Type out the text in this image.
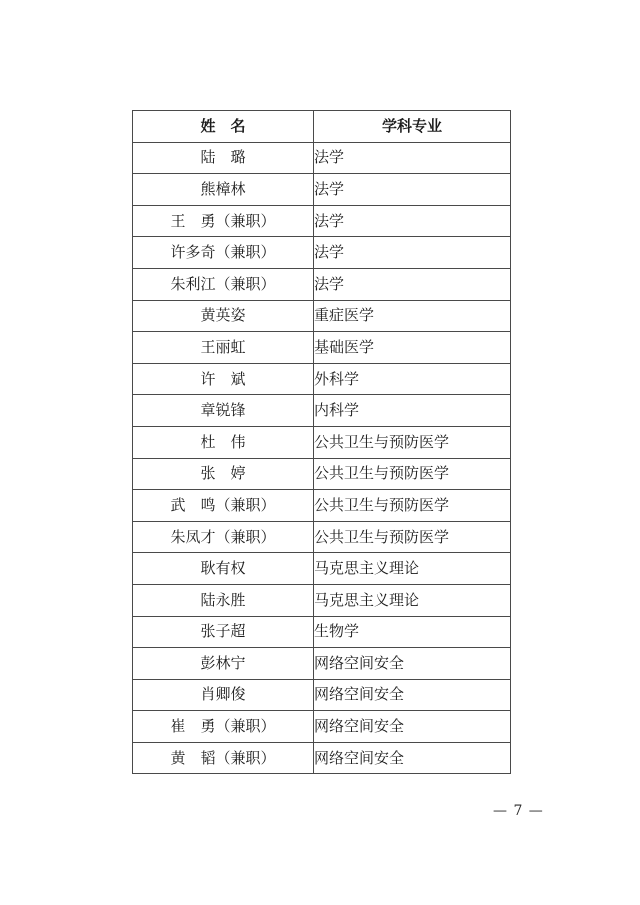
姓　名	学科专业
陆　璐	法学
熊樟林	法学
王　勇（兼职）	法学
许多奇（兼职）	法学
朱利江（兼职）	法学
黄英姿	重症医学
王丽虹	基础医学
许　斌	外科学
章锐锋	内科学
杜　伟	公共卫生与预防医学
张　婷	公共卫生与预防医学
武　鸣（兼职）	公共卫生与预防医学
朱凤才（兼职）	公共卫生与预防医学
耿有权	马克思主义理论
陆永胜	马克思主义理论
张子超	生物学
彭林宁	网络空间安全
肖卿俊	网络空间安全
崔　勇（兼职）	网络空间安全
黄　韬（兼职）	网络空间安全
— 7 —
